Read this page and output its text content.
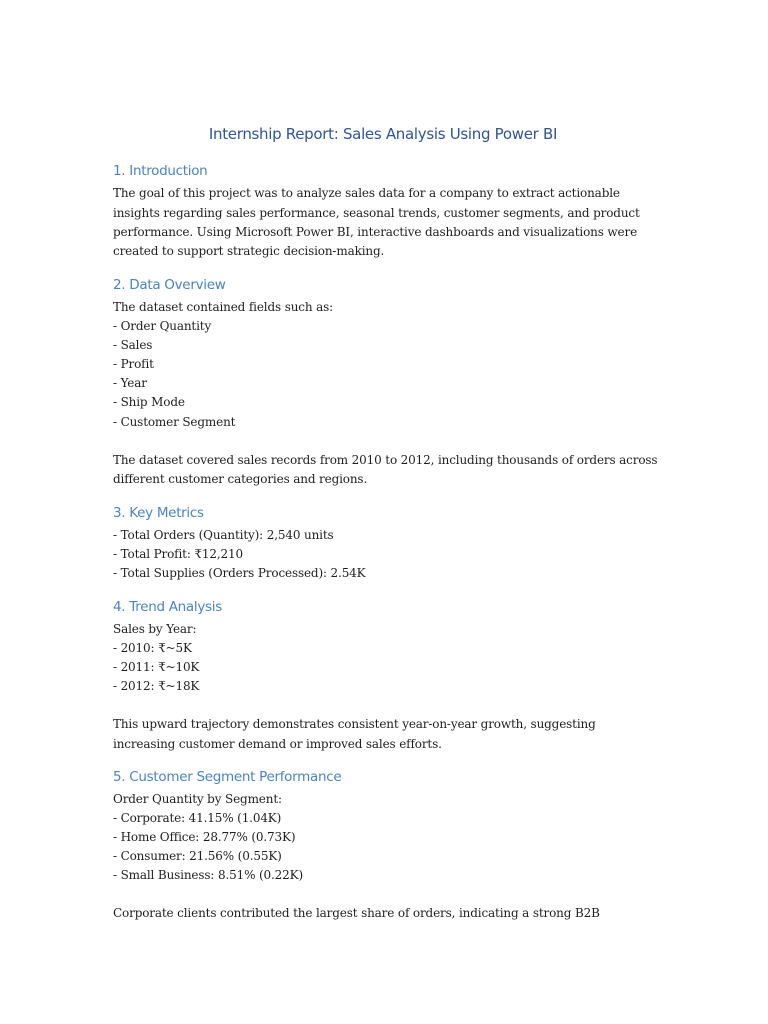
Internship Report: Sales Analysis Using Power BI
1. Introduction

The goal of this project was to analyze sales data for a company to extract actionable

insights regarding sales performance, seasonal trends, customer segments, and product

performance. Using Microsoft Power BI, interactive dashboards and visualizations were

created to support strategic decision-making.

2. Data Overview

The dataset contained fields such as:

- Order Quantity

- Sales

- Profit

- Year

- Ship Mode

- Customer Segment

The dataset covered sales records from 2010 to 2012, including thousands of orders across

different customer categories and regions.

3. Key Metrics

- Total Orders (Quantity): 2,540 units

- Total Profit: ₹12,210

- Total Supplies (Orders Processed): 2.54K

4. Trend Analysis

Sales by Year:

- 2010: ₹~5K

- 2011: ₹~10K

- 2012: ₹~18K

This upward trajectory demonstrates consistent year-on-year growth, suggesting

increasing customer demand or improved sales efforts.

5. Customer Segment Performance

Order Quantity by Segment:

- Corporate: 41.15% (1.04K)

- Home Office: 28.77% (0.73K)

- Consumer: 21.56% (0.55K)

- Small Business: 8.51% (0.22K)

Corporate clients contributed the largest share of orders, indicating a strong B2B
